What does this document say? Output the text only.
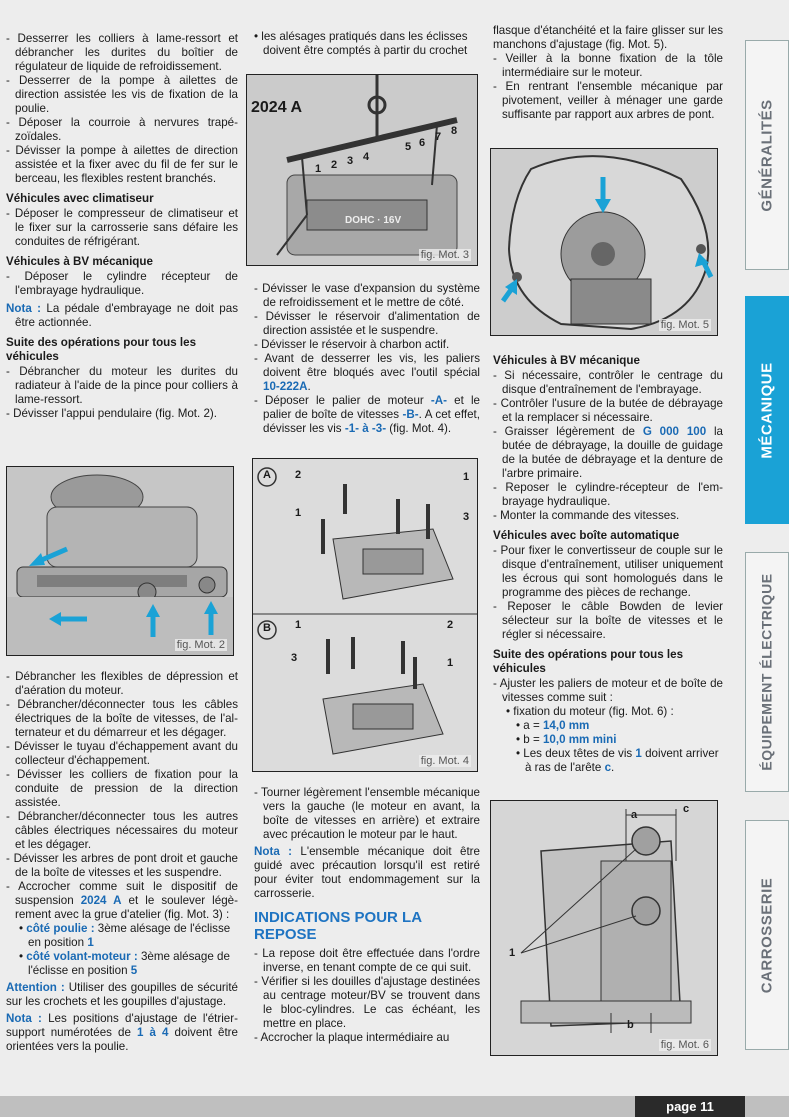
- Desserrer les colliers à lame-ressort et débrancher les durites du boîtier de régulateur de liquide de refroidissement.

- Desserrer de la pompe à ailettes de direction assistée les vis de fixation de la poulie.

- Déposer la courroie à nervures trapézoïdales.

- Dévisser la pompe à ailettes de direction assistée et la fixer avec du fil de fer sur le berceau, les flexibles restent branchés.

Véhicules avec climatiseur

- Déposer le compresseur de climatiseur et le fixer sur la carrosserie sans défaire les conduites de réfrigérant.

Véhicules à BV mécanique

- Déposer le cylindre récepteur de l'embrayage hydraulique.

Nota : La pédale d'embrayage ne doit pas être actionnée.

Suite des opérations pour tous les véhicules

- Débrancher du moteur les durites du radiateur à l'aide de la pince pour colliers à lame-ressort.

- Dévisser l'appui pendulaire (fig. Mot. 2).

fig. Mot. 2

- Débrancher les flexibles de dépression et d'aération du moteur.

- Débrancher/déconnecter tous les câbles électriques de la boîte de vitesses, de l'alternateur et du démarreur et les dégager.

- Dévisser le tuyau d'échappement avant du collecteur d'échappement.

- Dévisser les colliers de fixation pour la conduite de pression de la direction assistée.

- Débrancher/déconnecter tous les autres câbles électriques nécessaires du moteur et les dégager.

- Dévisser les arbres de pont droit et gauche de la boîte de vitesses et les suspendre.

- Accrocher comme suit le dispositif de suspension 2024 A et le soulever légèrement avec la grue d'atelier (fig. Mot. 3) :

• côté poulie : 3ème alésage de l'éclisse en position 1

• côté volant-moteur : 3ème alésage de l'éclisse en position 5

Attention : Utiliser des goupilles de sécurité sur les crochets et les goupilles d'ajustage.

Nota : Les positions d'ajustage de l'étriersupport numérotées de 1 à 4 doivent être orientées vers la poulie.

• les alésages pratiqués dans les éclisses doivent être comptés à partir du crochet

2024 A
1 2 3 4
5 6 7 8
DOHC · 16V
fig. Mot. 3

- Dévisser le vase d'expansion du système de refroidissement et le mettre de côté.

- Dévisser le réservoir d'alimentation de direction assistée et le suspendre.

- Dévisser le réservoir à charbon actif.

- Avant de desserrer les vis, les paliers doivent être bloqués avec l'outil spécial 10-222A.

- Déposer le palier de moteur -A- et le palier de boîte de vitesses -B-. A cet effet, dévisser les vis -1- à -3- (fig. Mot. 4).

A
B
2	1
1	3
1	2
3	1
fig. Mot. 4

- Tourner légèrement l'ensemble mécanique vers la gauche (le moteur en avant, la boîte de vitesses en arrière) et extraire avec précaution le moteur par le haut.

Nota : L'ensemble mécanique doit être guidé avec précaution lorsqu'il est retiré pour éviter tout endommagement sur la carrosserie.

INDICATIONS POUR LA REPOSE

- La repose doit être effectuée dans l'ordre inverse, en tenant compte de ce qui suit.

- Vérifier si les douilles d'ajustage destinées au centrage moteur/BV se trouvent dans le bloc-cylindres. Le cas échéant, les mettre en place.

- Accrocher la plaque intermédiaire au

flasque d'étanchéité et la faire glisser sur les manchons d'ajustage (fig. Mot. 5).

- Veiller à la bonne fixation de la tôle intermédiaire sur le moteur.

- En rentrant l'ensemble mécanique par pivotement, veiller à ménager une garde suffisante par rapport aux arbres de pont.

fig. Mot. 5

Véhicules à BV mécanique

- Si nécessaire, contrôler le centrage du disque d'entraînement de l'embrayage.

- Contrôler l'usure de la butée de débrayage et la remplacer si nécessaire.

- Graisser légèrement de G 000 100 la butée de débrayage, la douille de guidage de la butée de débrayage et la denture de l'arbre primaire.

- Reposer le cylindre-récepteur de l'embrayage hydraulique.

- Monter la commande des vitesses.

Véhicules avec boîte automatique

- Pour fixer le convertisseur de couple sur le disque d'entraînement, utiliser uniquement les écrous qui sont homologués dans le programme des pièces de rechange.

- Reposer le câble Bowden de levier sélecteur sur la boîte de vitesses et le régler si nécessaire.

Suite des opérations pour tous les véhicules

- Ajuster les paliers de moteur et de boîte de vitesses comme suit :

• fixation du moteur (fig. Mot. 6) :

• a = 14,0 mm

• b = 10,0 mm mini

• Les deux têtes de vis 1 doivent arriver à ras de l'arête c.

a	c
b
1
fig. Mot. 6
GÉNÉRALITÉS
MÉCANIQUE
ÉQUIPEMENT ÉLECTRIQUE
CARROSSERIE
page 11
